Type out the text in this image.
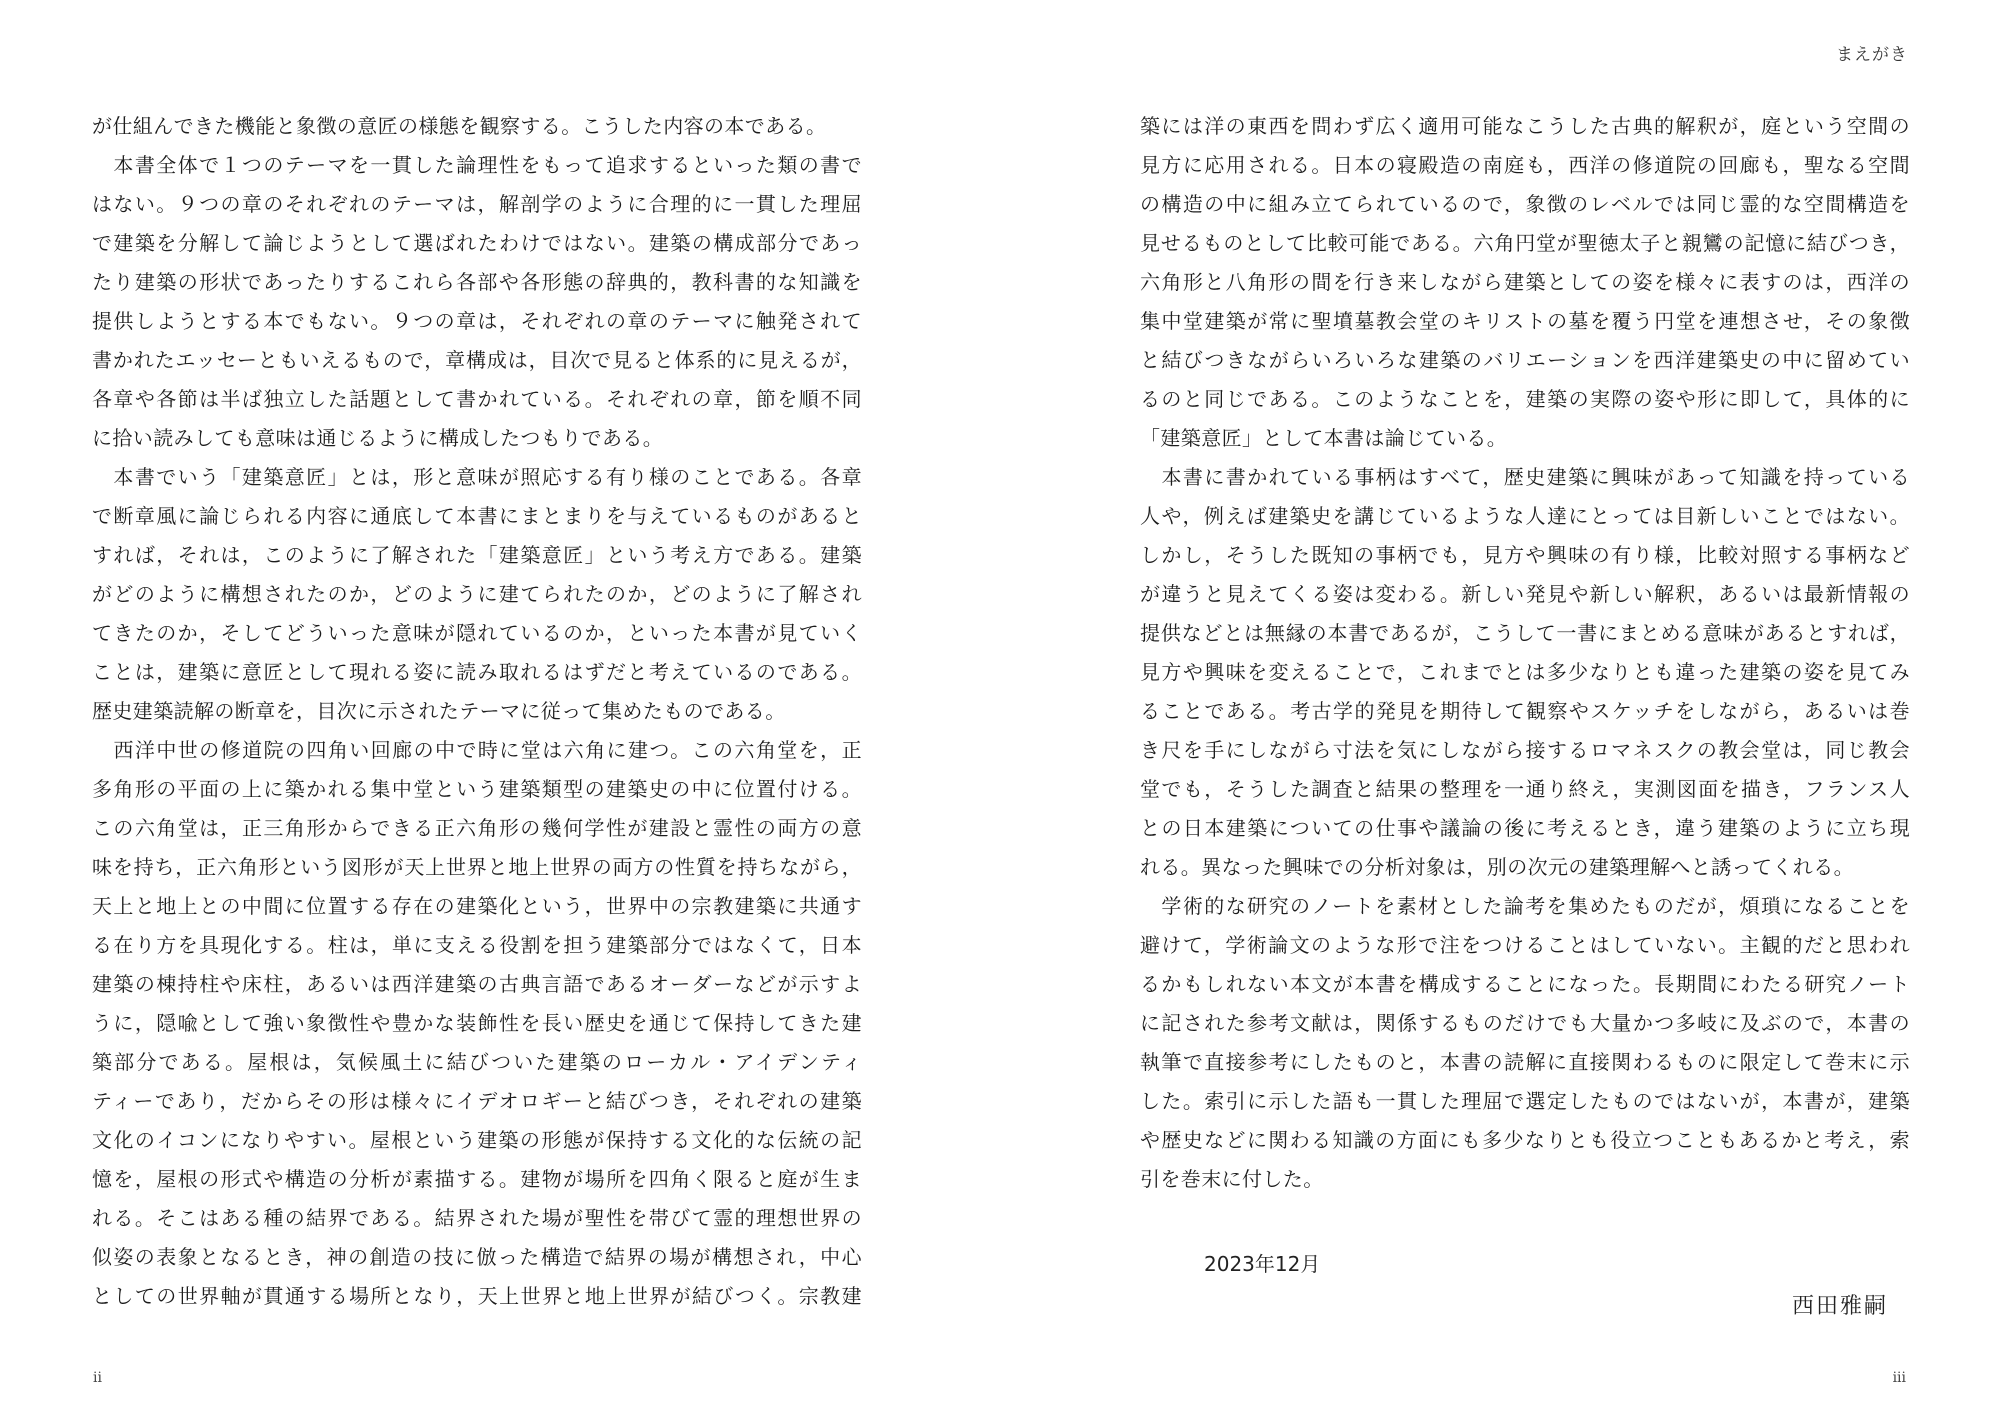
が仕組んできた機能と象徴の意匠の様態を観察する。こうした内容の本である。
　本書全体で１つのテーマを一貫した論理性をもって追求するといった類の書で
はない。９つの章のそれぞれのテーマは，解剖学のように合理的に一貫した理屈
で建築を分解して論じようとして選ばれたわけではない。建築の構成部分であっ
たり建築の形状であったりするこれら各部や各形態の辞典的，教科書的な知識を
提供しようとする本でもない。９つの章は，それぞれの章のテーマに触発されて
書かれたエッセーともいえるもので，章構成は，目次で見ると体系的に見えるが，
各章や各節は半ば独立した話題として書かれている。それぞれの章，節を順不同
に拾い読みしても意味は通じるように構成したつもりである。
　本書でいう「建築意匠」とは，形と意味が照応する有り様のことである。各章
で断章風に論じられる内容に通底して本書にまとまりを与えているものがあると
すれば，それは，このように了解された「建築意匠」という考え方である。建築
がどのように構想されたのか，どのように建てられたのか，どのように了解され
てきたのか，そしてどういった意味が隠れているのか，といった本書が見ていく
ことは，建築に意匠として現れる姿に読み取れるはずだと考えているのである。
歴史建築読解の断章を，目次に示されたテーマに従って集めたものである。
　西洋中世の修道院の四角い回廊の中で時に堂は六角に建つ。この六角堂を，正
多角形の平面の上に築かれる集中堂という建築類型の建築史の中に位置付ける。
この六角堂は，正三角形からできる正六角形の幾何学性が建設と霊性の両方の意
味を持ち，正六角形という図形が天上世界と地上世界の両方の性質を持ちながら，
天上と地上との中間に位置する存在の建築化という，世界中の宗教建築に共通す
る在り方を具現化する。柱は，単に支える役割を担う建築部分ではなくて，日本
建築の棟持柱や床柱，あるいは西洋建築の古典言語であるオーダーなどが示すよ
うに，隠喩として強い象徴性や豊かな装飾性を長い歴史を通じて保持してきた建
築部分である。屋根は，気候風土に結びついた建築のローカル・アイデンティ
ティーであり，だからその形は様々にイデオロギーと結びつき，それぞれの建築
文化のイコンになりやすい。屋根という建築の形態が保持する文化的な伝統の記
憶を，屋根の形式や構造の分析が素描する。建物が場所を四角く限ると庭が生ま
れる。そこはある種の結界である。結界された場が聖性を帯びて霊的理想世界の
似姿の表象となるとき，神の創造の技に倣った構造で結界の場が構想され，中心
としての世界軸が貫通する場所となり，天上世界と地上世界が結びつく。宗教建
ii
まえがき
築には洋の東西を問わず広く適用可能なこうした古典的解釈が，庭という空間の
見方に応用される。日本の寝殿造の南庭も，西洋の修道院の回廊も，聖なる空間
の構造の中に組み立てられているので，象徴のレベルでは同じ霊的な空間構造を
見せるものとして比較可能である。六角円堂が聖徳太子と親鸞の記憶に結びつき，
六角形と八角形の間を行き来しながら建築としての姿を様々に表すのは，西洋の
集中堂建築が常に聖墳墓教会堂のキリストの墓を覆う円堂を連想させ，その象徴
と結びつきながらいろいろな建築のバリエーションを西洋建築史の中に留めてい
るのと同じである。このようなことを，建築の実際の姿や形に即して，具体的に
「建築意匠」として本書は論じている。
　本書に書かれている事柄はすべて，歴史建築に興味があって知識を持っている
人や，例えば建築史を講じているような人達にとっては目新しいことではない。
しかし，そうした既知の事柄でも，見方や興味の有り様，比較対照する事柄など
が違うと見えてくる姿は変わる。新しい発見や新しい解釈，あるいは最新情報の
提供などとは無縁の本書であるが，こうして一書にまとめる意味があるとすれば，
見方や興味を変えることで，これまでとは多少なりとも違った建築の姿を見てみ
ることである。考古学的発見を期待して観察やスケッチをしながら，あるいは巻
き尺を手にしながら寸法を気にしながら接するロマネスクの教会堂は，同じ教会
堂でも，そうした調査と結果の整理を一通り終え，実測図面を描き，フランス人
との日本建築についての仕事や議論の後に考えるとき，違う建築のように立ち現
れる。異なった興味での分析対象は，別の次元の建築理解へと誘ってくれる。
　学術的な研究のノートを素材とした論考を集めたものだが，煩瑣になることを
避けて，学術論文のような形で注をつけることはしていない。主観的だと思われ
るかもしれない本文が本書を構成することになった。長期間にわたる研究ノート
に記された参考文献は，関係するものだけでも大量かつ多岐に及ぶので，本書の
執筆で直接参考にしたものと，本書の読解に直接関わるものに限定して巻末に示
した。索引に示した語も一貫した理屈で選定したものではないが，本書が，建築
や歴史などに関わる知識の方面にも多少なりとも役立つこともあるかと考え，索
引を巻末に付した。
2023年12月
西田雅嗣
iii
